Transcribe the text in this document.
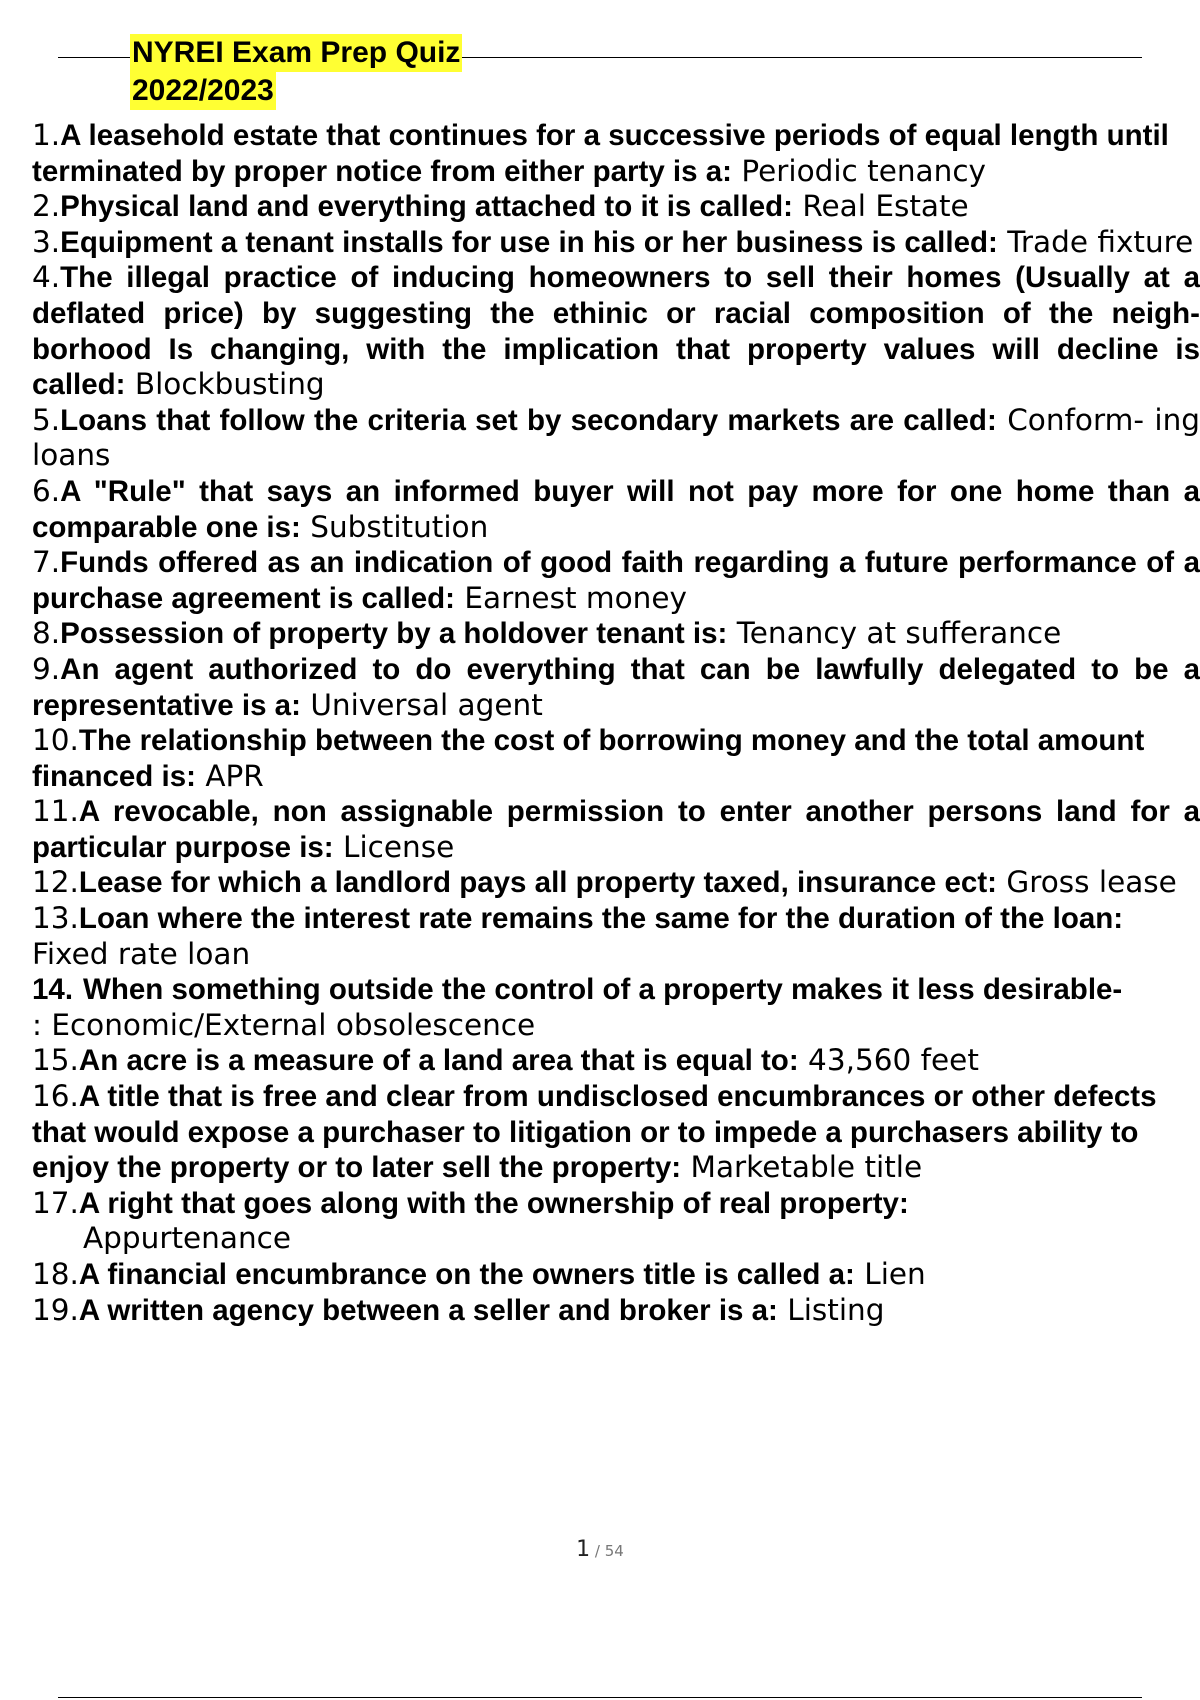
NYREI Exam Prep Quiz
2022/2023
1.A leasehold estate that continues for a successive periods of equal length until terminated by proper notice from either party is a: Periodic tenancy
2.Physical land and everything attached to it is called: Real Estate
3.Equipment a tenant installs for use in his or her business is called: Trade fixture
4.The illegal practice of inducing homeowners to sell their homes (Usually at a deflated price) by suggesting the ethinic or racial composition of the neigh- borhood Is changing, with the implication that property values will decline is called: Blockbusting
5.Loans that follow the criteria set by secondary markets are called: Conform- ing loans
6.A "Rule" that says an informed buyer will not pay more for one home than a comparable one is: Substitution
7.Funds offered as an indication of good faith regarding a future performance of a purchase agreement is called: Earnest money
8.Possession of property by a holdover tenant is: Tenancy at sufferance
9.An agent authorized to do everything that can be lawfully delegated to be a representative is a: Universal agent
10.The relationship between the cost of borrowing money and the total amount financed is: APR
11.A revocable, non assignable permission to enter another persons land for a particular purpose is: License
12.Lease for which a landlord pays all property taxed, insurance ect: Gross lease
13.Loan where the interest rate remains the same for the duration of the loan: Fixed rate loan
14. When something outside the control of a property makes it less desirable-
: Economic/External obsolescence
15.An acre is a measure of a land area that is equal to: 43,560 feet
16.A title that is free and clear from undisclosed encumbrances or other defects that would expose a purchaser to litigation or to impede a purchasers ability to enjoy the property or to later sell the property: Marketable title
17.A right that goes along with the ownership of real property:
Appurtenance
18.A financial encumbrance on the owners title is called a: Lien
19.A written agency between a seller and broker is a: Listing
1 / 54
